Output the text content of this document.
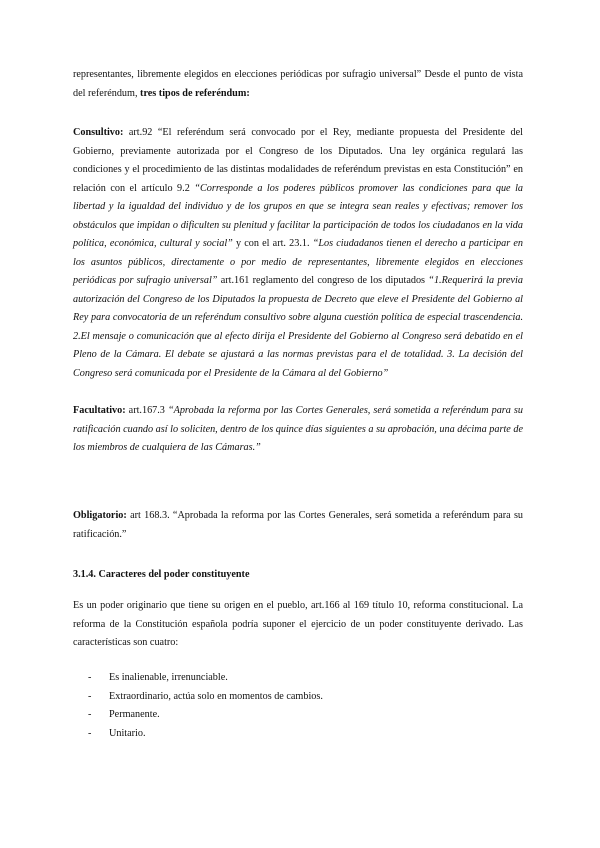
representantes, libremente elegidos en elecciones periódicas por sufragio universal” Desde el punto de vista del referéndum, tres tipos de referéndum:

Consultivo: art.92 “El referéndum será convocado por el Rey, mediante propuesta del Presidente del Gobierno, previamente autorizada por el Congreso de los Diputados. Una ley orgánica regulará las condiciones y el procedimiento de las distintas modalidades de referéndum previstas en esta Constitución” en relación con el artículo 9.2 “Corresponde a los poderes públicos promover las condiciones para que la libertad y la igualdad del individuo y de los grupos en que se integra sean reales y efectivas; remover los obstáculos que impidan o dificulten su plenitud y facilitar la participación de todos los ciudadanos en la vida política, económica, cultural y social” y con el art. 23.1. “Los ciudadanos tienen el derecho a participar en los asuntos públicos, directamente o por medio de representantes, libremente elegidos en elecciones periódicas por sufragio universal” art.161 reglamento del congreso de los diputados “1.Requerirá la previa autorización del Congreso de los Diputados la propuesta de Decreto que eleve el Presidente del Gobierno al Rey para convocatoria de un referéndum consultivo sobre alguna cuestión política de especial trascendencia. 2.El mensaje o comunicación que al efecto dirija el Presidente del Gobierno al Congreso será debatido en el Pleno de la Cámara. El debate se ajustará a las normas previstas para el de totalidad. 3. La decisión del Congreso será comunicada por el Presidente de la Cámara al del Gobierno”

Facultativo: art.167.3 “Aprobada la reforma por las Cortes Generales, será sometida a referéndum para su ratificación cuando así lo soliciten, dentro de los quince días siguientes a su aprobación, una décima parte de los miembros de cualquiera de las Cámaras.”

Obligatorio: art 168.3. “Aprobada la reforma por las Cortes Generales, será sometida a referéndum para su ratificación.”

3.1.4. Caracteres del poder constituyente

Es un poder originario que tiene su origen en el pueblo, art.166 al 169 título 10, reforma constitucional. La reforma de la Constitución española podría suponer el ejercicio de un poder constituyente derivado. Las características son cuatro:

-	Es inalienable, irrenunciable.
-	Extraordinario, actúa solo en momentos de cambios.
-	Permanente.
-	Unitario.
